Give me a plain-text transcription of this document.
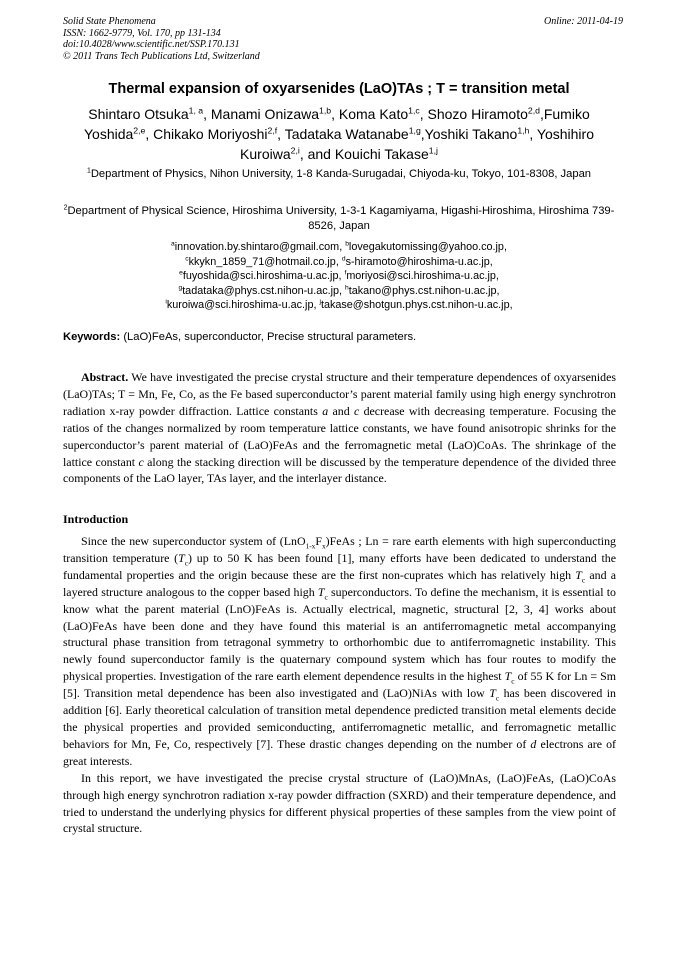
Solid State Phenomena
ISSN: 1662-9779, Vol. 170, pp 131-134
doi:10.4028/www.scientific.net/SSP.170.131
© 2011 Trans Tech Publications Ltd, Switzerland
Online: 2011-04-19
Thermal expansion of oxyarsenides (LaO)TAs ; T = transition metal
Shintaro Otsuka$^{1, a}$, Manami Onizawa$^{1,b}$, Koma Kato$^{1,c}$, Shozo Hiramoto$^{2,d}$,Fumiko Yoshida$^{2,e}$, Chikako Moriyoshi$^{2,f}$, Tadataka Watanabe$^{1,g}$,Yoshiki Takano$^{1,h}$, Yoshihiro Kuroiwa$^{2,i}$, and Kouichi Takase$^{1,j}$
$^1$Department of Physics, Nihon University, 1-8 Kanda-Surugadai, Chiyoda-ku, Tokyo, 101-8308, Japan
$^2$Department of Physical Science, Hiroshima University, 1-3-1 Kagamiyama, Higashi-Hiroshima, Hiroshima 739-8526, Japan
$^a$innovation.by.shintaro@gmail.com, $^b$lovegakutomissing@yahoo.co.jp,
$^c$kkykn_1859_71@hotmail.co.jp, $^d$s-hiramoto@hiroshima-u.ac.jp,
$^e$fuyoshida@sci.hiroshima-u.ac.jp, $^f$moriyosi@sci.hiroshima-u.ac.jp,
$^g$tadataka@phys.cst.nihon-u.ac.jp, $^h$takano@phys.cst.nihon-u.ac.jp,
$^i$kuroiwa@sci.hiroshima-u.ac.jp, $^j$takase@shotgun.phys.cst.nihon-u.ac.jp,
Keywords: (LaO)FeAs, superconductor, Precise structural parameters.

Abstract. We have investigated the precise crystal structure and their temperature dependences of oxyarsenides (LaO)TAs; T = Mn, Fe, Co, as the Fe based superconductor’s parent material family using high energy synchrotron radiation x-ray powder diffraction. Lattice constants a and c decrease with decreasing temperature. Focusing the ratios of the changes normalized by room temperature lattice constants, we have found anisotropic shrinks for the superconductor’s parent material of (LaO)FeAs and the ferromagnetic metal (LaO)CoAs. The shrinkage of the lattice constant c along the stacking direction will be discussed by the temperature dependence of the divided three components of the LaO layer, TAs layer, and the interlayer distance.

Introduction

Since the new superconductor system of $(LnO_{1-x}F_x)FeAs$ ; Ln = rare earth elements with high superconducting transition temperature $(T_c)$ up to 50 K has been found [1], many efforts have been dedicated to understand the fundamental properties and the origin because these are the first non-cuprates which has relatively high $T_c$ and a layered structure analogous to the copper based high $T_c$ superconductors. To define the mechanism, it is essential to know what the parent material (LnO)FeAs is. Actually electrical, magnetic, structural [2, 3, 4] works about (LaO)FeAs have been done and they have found this material is an antiferromagnetic metal accompanying structural phase transition from tetragonal symmetry to orthorhombic due to antiferromagnetic instability. This newly found superconductor family is the quaternary compound system which has four routes to modify the physical properties. Investigation of the rare earth element dependence results in the highest $T_c$ of 55 K for Ln = Sm [5]. Transition metal dependence has been also investigated and (LaO)NiAs with low $T_c$ has been discovered in addition [6]. Early theoretical calculation of transition metal dependence predicted transition metal elements decide the physical properties and provided semiconducting, antiferromagnetic metallic, and ferromagnetic metallic behaviors for Mn, Fe, Co, respectively [7]. These drastic changes depending on the number of d electrons are of great interests.

In this report, we have investigated the precise crystal structure of (LaO)MnAs, (LaO)FeAs, (LaO)CoAs through high energy synchrotron radiation x-ray powder diffraction (SXRD) and their temperature dependence, and tried to understand the underlying physics for different physical properties of these samples from the view point of crystal structure.
